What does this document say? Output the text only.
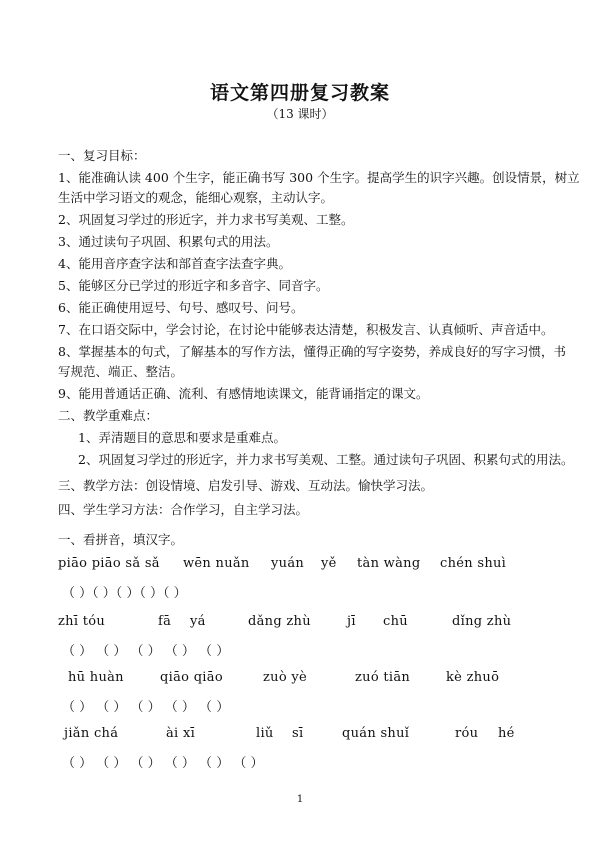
语文第四册复习教案
（13 课时）
一、复习目标：
1、能准确认读 400 个生字，能正确书写 300 个生字。提高学生的识字兴趣。创设情景，树立
生活中学习语文的观念，能细心观察，主动认字。
2、巩固复习学过的形近字，并力求书写美观、工整。
3、通过读句子巩固、积累句式的用法。
4、能用音序查字法和部首查字法查字典。
5、能够区分已学过的形近字和多音字、同音字。
6、能正确使用逗号、句号、感叹号、问号。
7、在口语交际中，学会讨论，在讨论中能够表达清楚，积极发言、认真倾听、声音适中。
8、掌握基本的句式，了解基本的写作方法，懂得正确的写字姿势，养成良好的写字习惯，书
写规范、端正、整洁。
9、能用普通话正确、流利、有感情地读课文，能背诵指定的课文。
二、教学重难点：
1、弄清题目的意思和要求是重难点。
2、巩固复习学过的形近字，并力求书写美观、工整。通过读句子巩固、积累句式的用法。
三、教学方法：创设情境、启发引导、游戏、互动法。愉快学习法。
四、学生学习方法：合作学习，自主学习法。
一、看拼音，填汉字。
piāo piāo sǎ sǎ wēn nuǎn yuán yě tàn wàng chén shuì
（ ）（ ）（ ）（ ）（ ）
zhī tóu	fā yá	dǎng zhù	jī chū	dǐng zhù
（ ） （ ） （ ） （ ） （ ）
hū huàn	qiāo qiāo	zuò yè	zuó tiān	kè zhuō
（ ） （ ） （ ） （ ） （ ）
jiǎn chá	ài xī	liǔ sī	quán shuǐ	róu hé
（ ） （ ） （ ） （ ） （ ） （ ）
1
